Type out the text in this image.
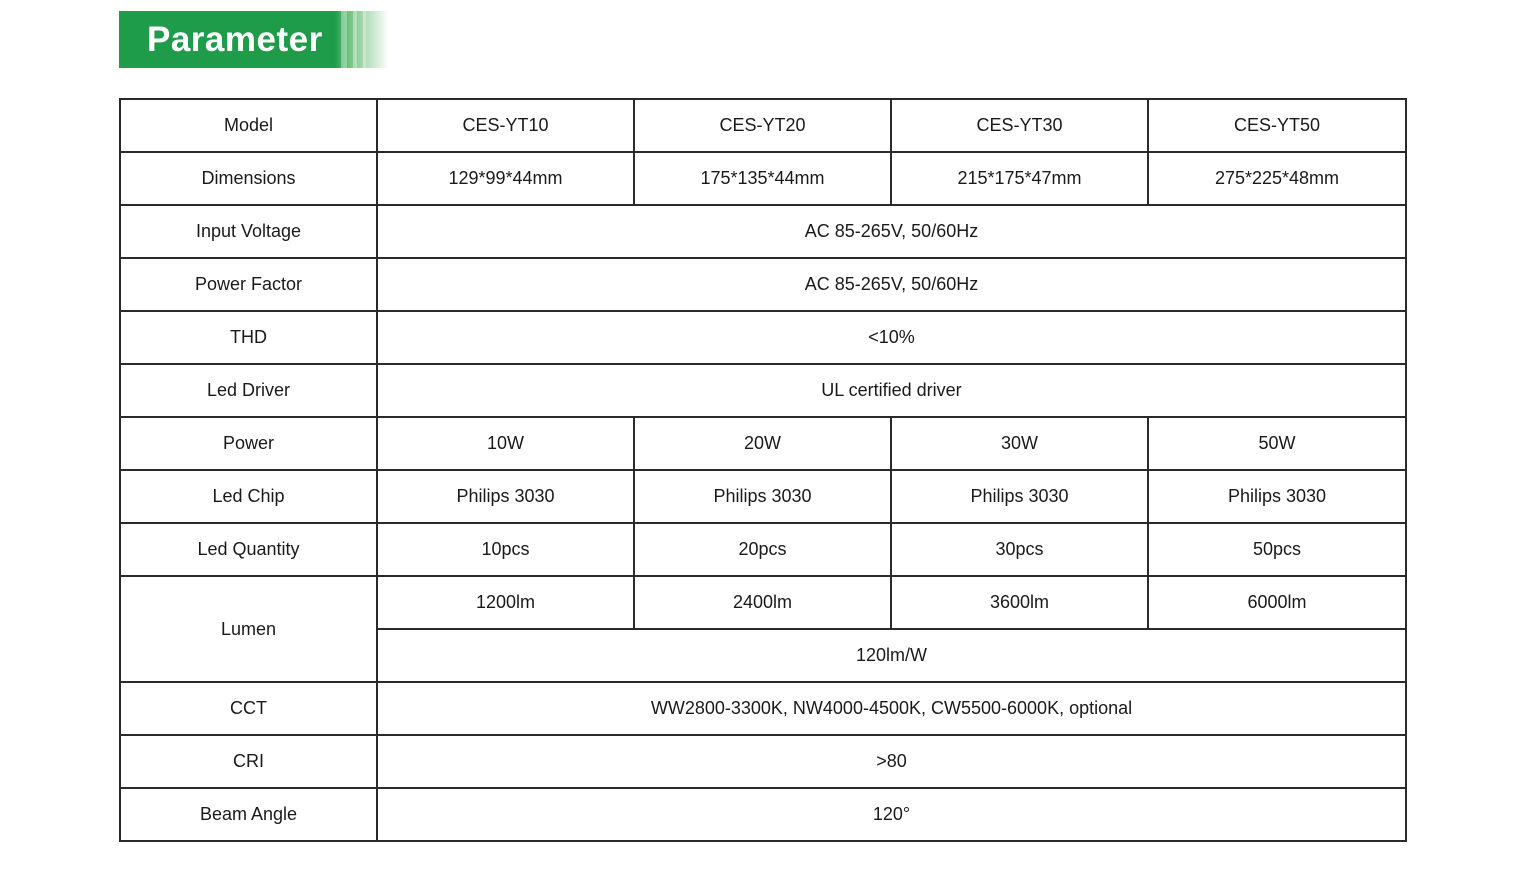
Parameter
Model	CES-YT10	CES-YT20	CES-YT30	CES-YT50
Dimensions	129*99*44mm	175*135*44mm	215*175*47mm	275*225*48mm
Input Voltage	AC 85-265V, 50/60Hz			
Power Factor	AC 85-265V, 50/60Hz			
THD	<10%			
Led Driver	UL certified driver			
Power	10W	20W	30W	50W
Led Chip	Philips 3030	Philips 3030	Philips 3030	Philips 3030
Led Quantity	10pcs	20pcs	30pcs	50pcs
Lumen	1200lm	2400lm	3600lm	6000lm
	120lm/W			
CCT	WW2800-3300K, NW4000-4500K, CW5500-6000K, optional			
CRI	>80			
Beam Angle	120°			
